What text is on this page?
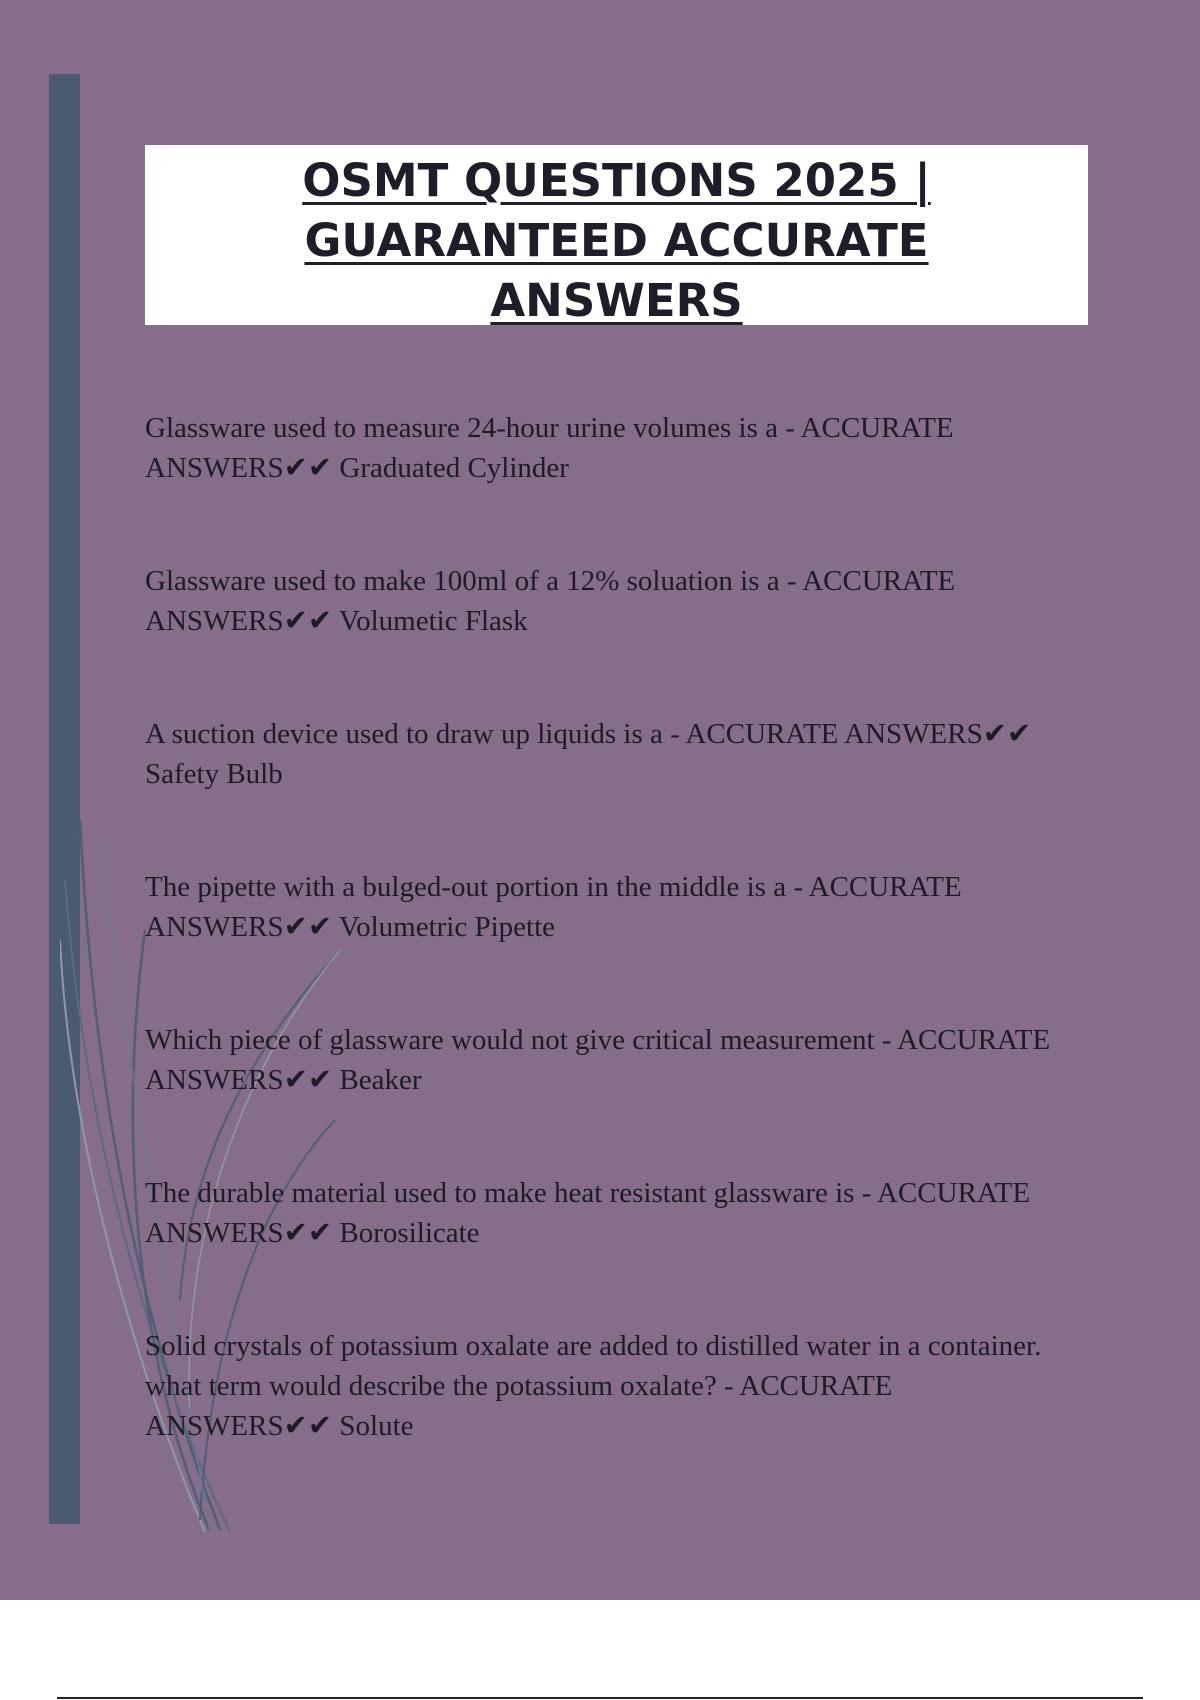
OSMT QUESTIONS 2025 |
GUARANTEED ACCURATE
ANSWERS

Glassware used to measure 24-hour urine volumes is a - ACCURATE ANSWERS✔✔ Graduated Cylinder

Glassware used to make 100ml of a 12% soluation is a - ACCURATE ANSWERS✔✔ Volumetic Flask

A suction device used to draw up liquids is a - ACCURATE ANSWERS✔✔ Safety Bulb

The pipette with a bulged-out portion in the middle is a - ACCURATE ANSWERS✔✔ Volumetric Pipette

Which piece of glassware would not give critical measurement - ACCURATE ANSWERS✔✔ Beaker

The durable material used to make heat resistant glassware is - ACCURATE ANSWERS✔✔ Borosilicate

Solid crystals of potassium oxalate are added to distilled water in a container. what term would describe the potassium oxalate? - ACCURATE ANSWERS✔✔ Solute
